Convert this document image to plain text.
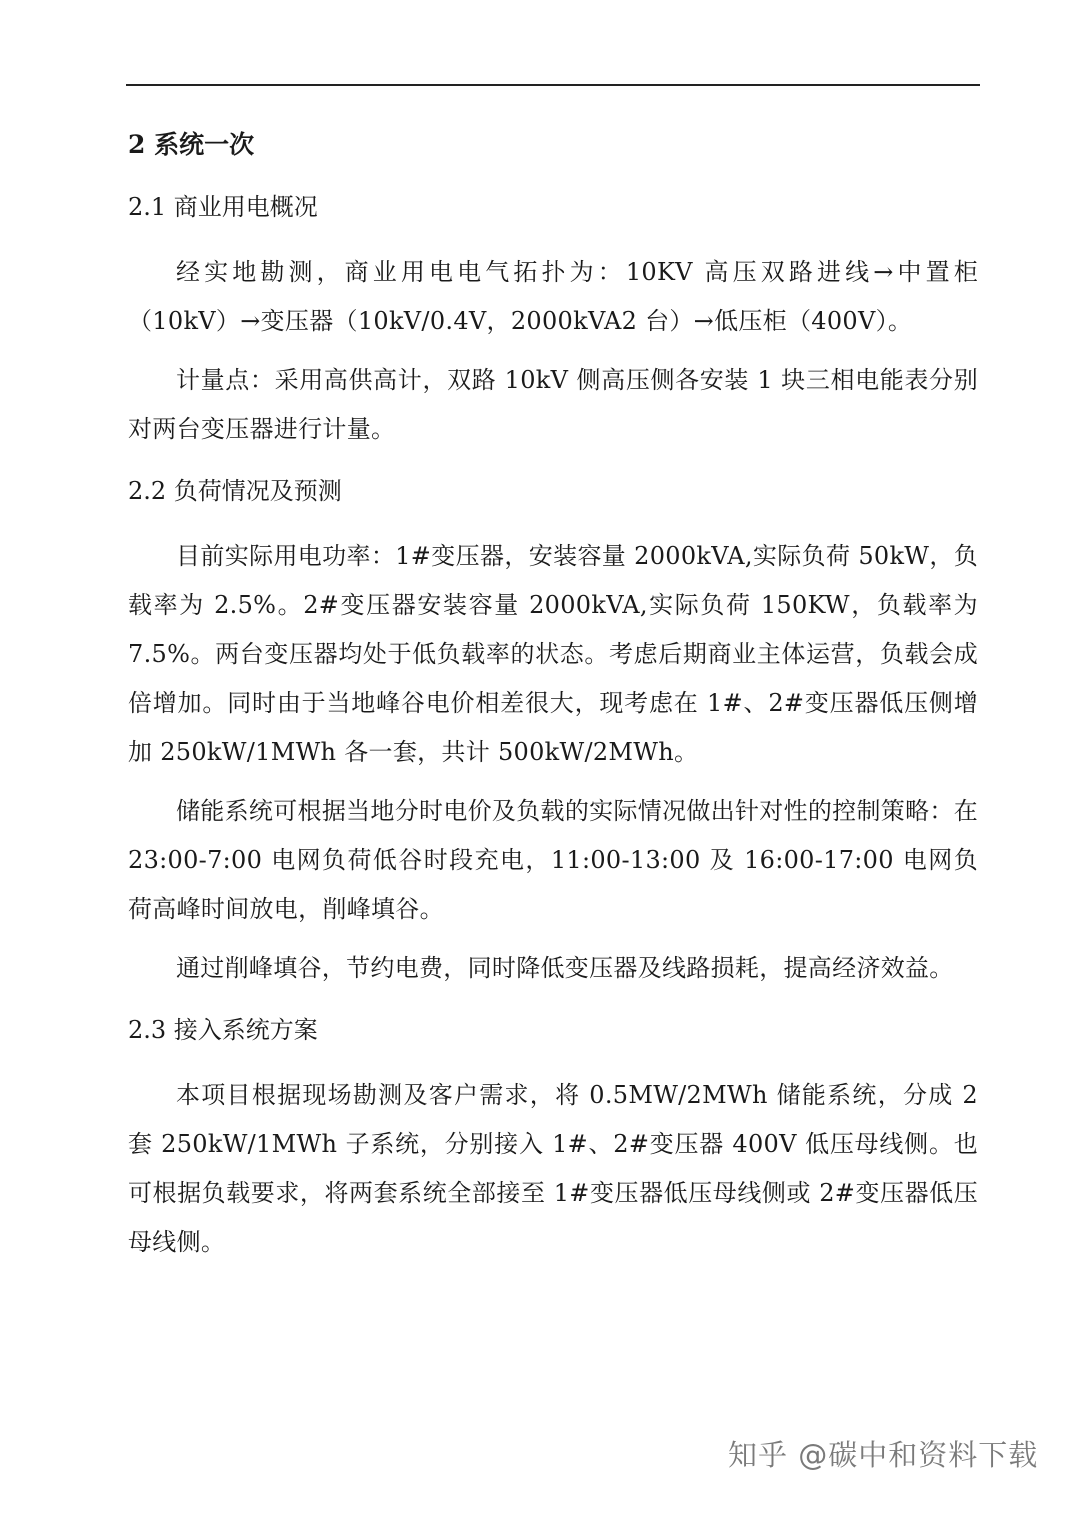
2 系统一次
2.1 商业用电概况

经实地勘测，商业用电电气拓扑为：10KV 高压双路进线→中置柜（10kV）→变压器（10kV/0.4V，2000kVA2 台）→低压柜（400V）。

计量点：采用高供高计，双路 10kV 侧高压侧各安装 1 块三相电能表分别对两台变压器进行计量。

2.2 负荷情况及预测

目前实际用电功率：1#变压器，安装容量 2000kVA,实际负荷 50kW，负载率为 2.5%。2#变压器安装容量 2000kVA,实际负荷 150KW，负载率为 7.5%。两台变压器均处于低负载率的状态。考虑后期商业主体运营，负载会成倍增加。同时由于当地峰谷电价相差很大，现考虑在 1#、2#变压器低压侧增加 250kW/1MWh 各一套，共计 500kW/2MWh。

储能系统可根据当地分时电价及负载的实际情况做出针对性的控制策略：在 23:00-7:00 电网负荷低谷时段充电，11:00-13:00 及 16:00-17:00 电网负荷高峰时间放电，削峰填谷。

通过削峰填谷，节约电费，同时降低变压器及线路损耗，提高经济效益。

2.3 接入系统方案

本项目根据现场勘测及客户需求，将 0.5MW/2MWh 储能系统，分成 2 套 250kW/1MWh 子系统，分别接入 1#、2#变压器 400V 低压母线侧。也可根据负载要求，将两套系统全部接至 1#变压器低压母线侧或 2#变压器低压母线侧。

知乎 @碳中和资料下载
